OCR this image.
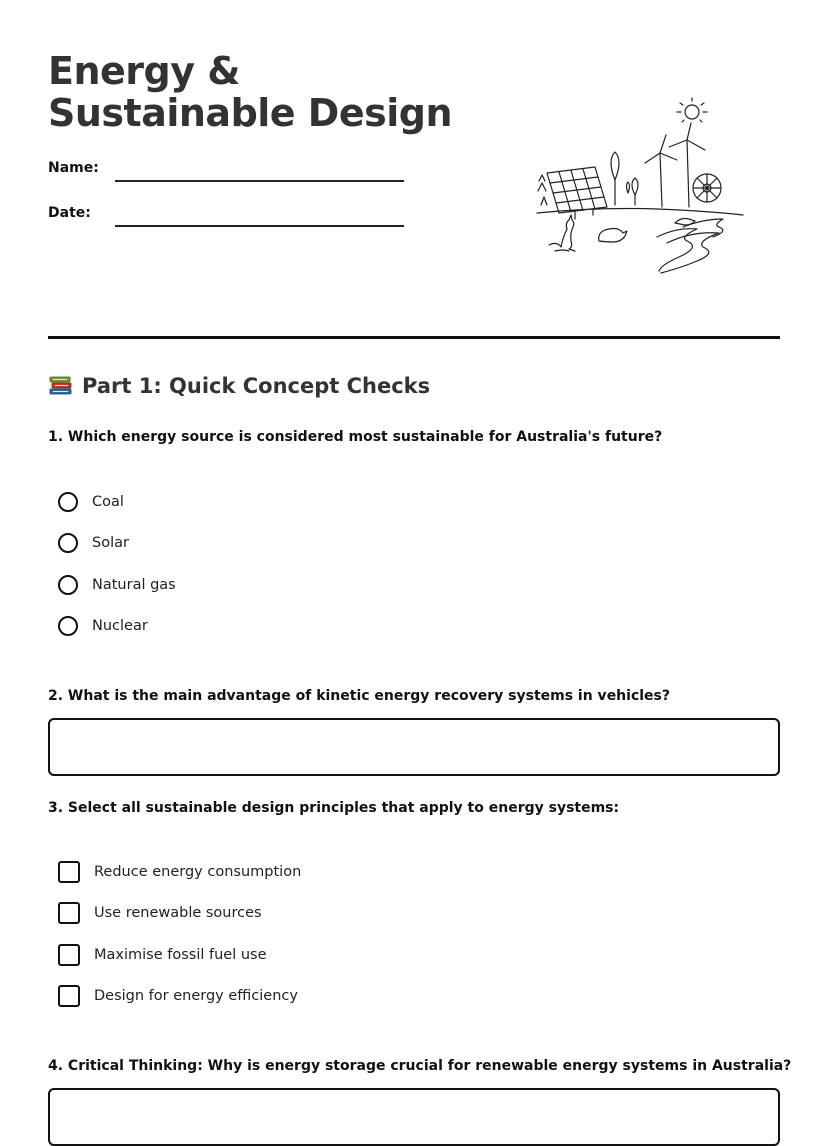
Energy & Sustainable Design
Name:
Date:
Part 1: Quick Concept Checks

1. Which energy source is considered most sustainable for Australia's future?

Coal
Solar
Natural gas
Nuclear

2. What is the main advantage of kinetic energy recovery systems in vehicles?

3. Select all sustainable design principles that apply to energy systems:

Reduce energy consumption
Use renewable sources
Maximise fossil fuel use
Design for energy efficiency

4. Critical Thinking: Why is energy storage crucial for renewable energy systems in Australia?
